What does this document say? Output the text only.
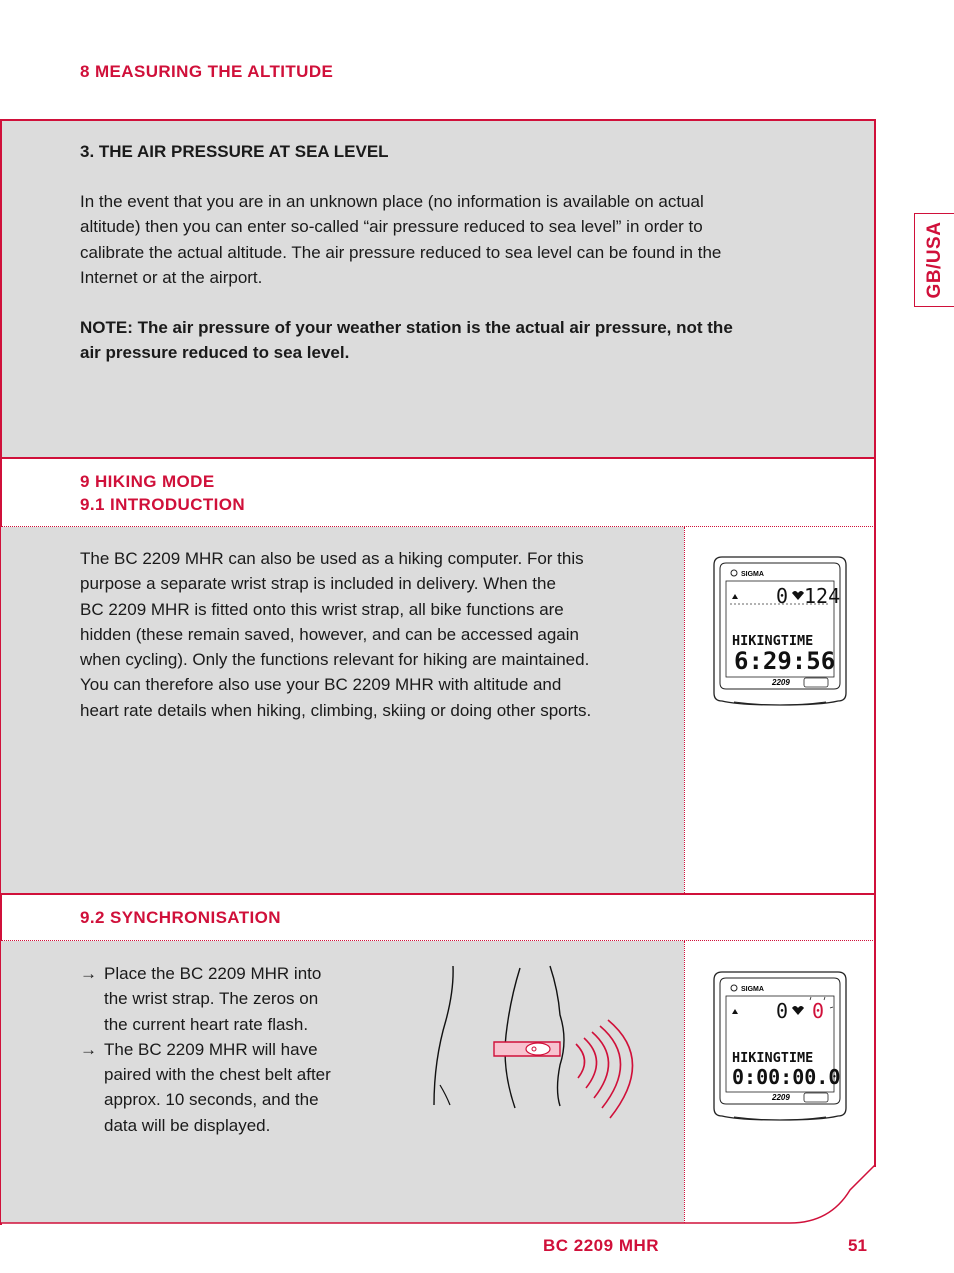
8 MEASURING THE ALTITUDE
GB/USA
3. THE AIR PRESSURE AT SEA LEVEL
In the event that you are in an unknown place (no information is available on actual
altitude) then you can enter so-called “air pressure reduced to sea level” in order to
calibrate the actual altitude. The air pressure reduced to sea level can be found in the
Internet or at the airport.
NOTE: The air pressure of your weather station is the actual air pressure, not the
air pressure reduced to sea level.
9 HIKING MODE
9.1 INTRODUCTION
The BC 2209 MHR can also be used as a hiking computer. For this
purpose a separate wrist strap is included in delivery. When the
BC 2209 MHR is fitted onto this wrist strap, all bike functions are
hidden (these remain saved, however, and can be accessed again
when cycling). Only the functions relevant for hiking are maintained.
You can therefore also use your BC 2209 MHR with altitude and
heart rate details when hiking, climbing, skiing or doing other sports.
SIGMA
0 124
HIKINGTIME
6:29:56
2209
9.2 SYNCHRONISATION
→ Place the BC 2209 MHR into
the wrist strap. The zeros on
the current heart rate flash.
→ The BC 2209 MHR will have
paired with the chest belt after
approx. 10 seconds, and the
data will be displayed.
SIGMA
0 0
HIKINGTIME
0:00:00.0
2209
BC 2209 MHR	51
